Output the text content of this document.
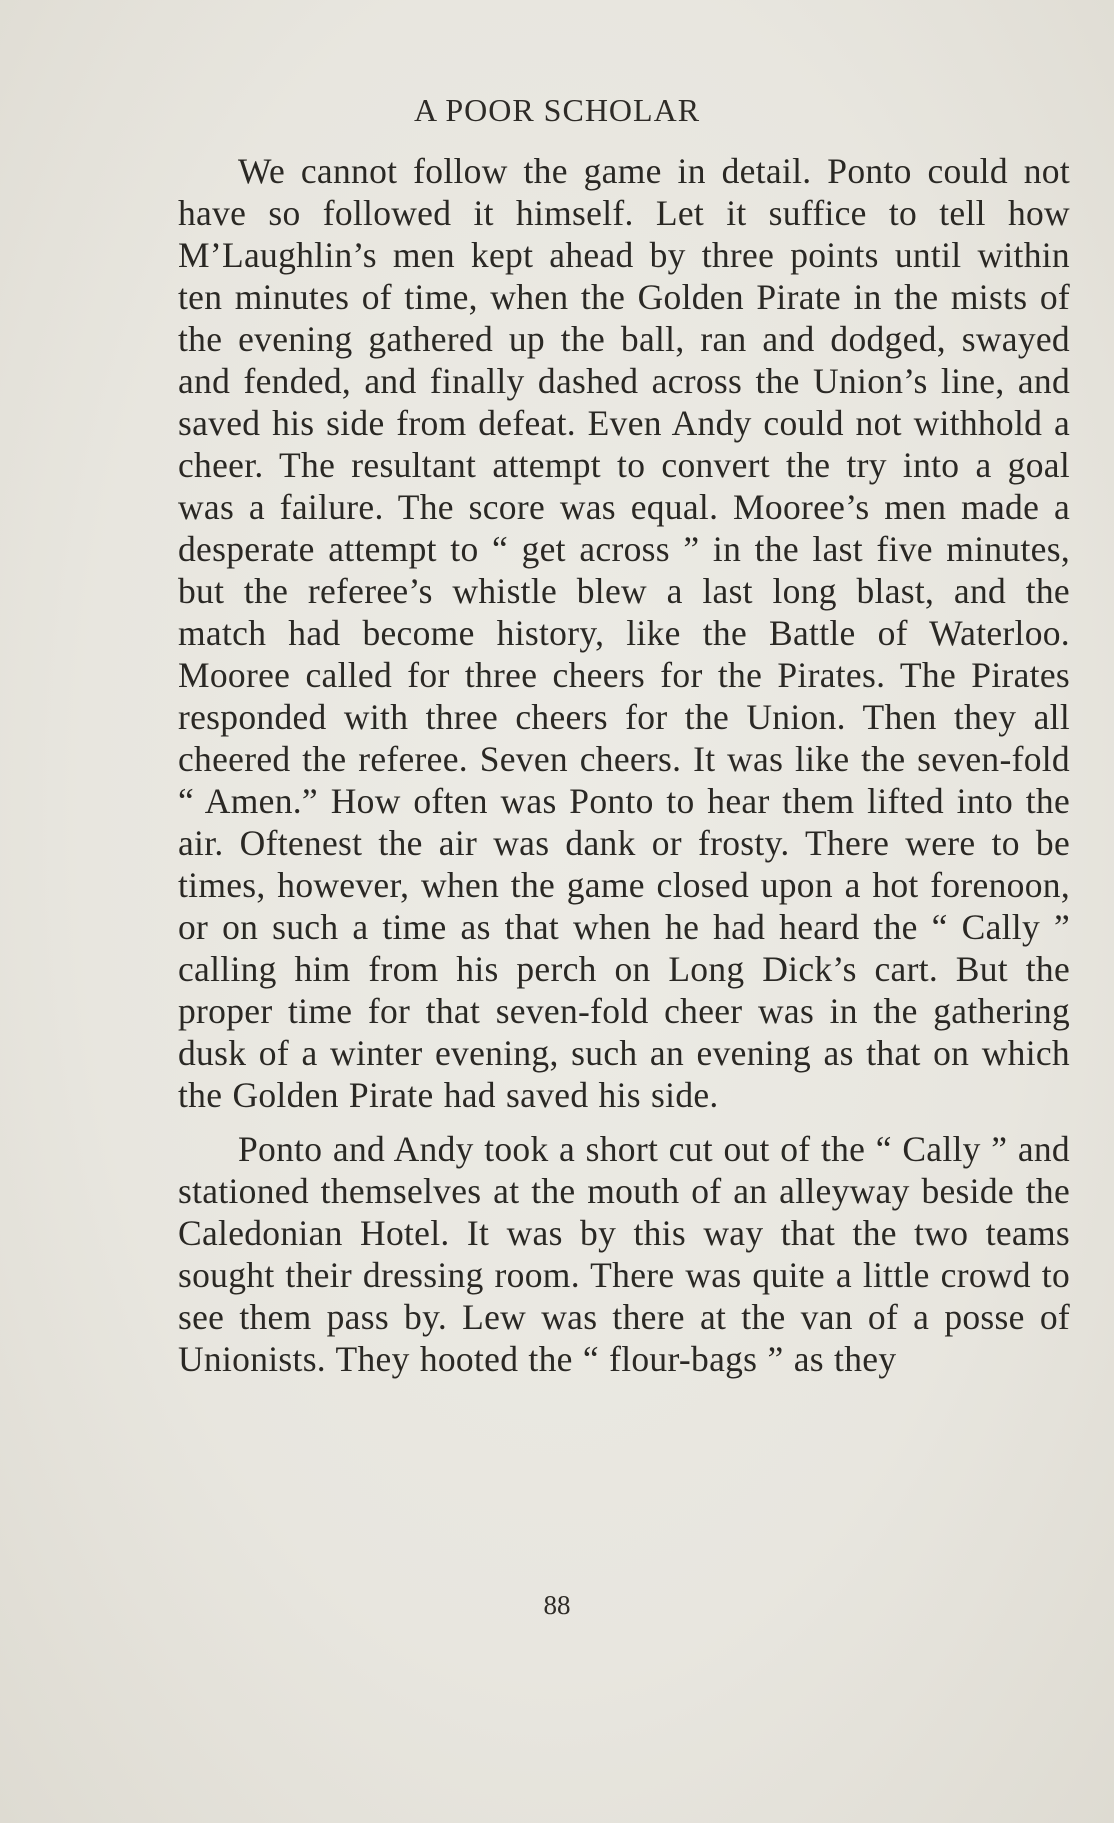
A POOR SCHOLAR

We cannot follow the game in detail. Ponto could not have so followed it himself. Let it suffice to tell how M’Laughlin’s men kept ahead by three points until within ten minutes of time, when the Golden Pirate in the mists of the evening gathered up the ball, ran and dodged, swayed and fended, and finally dashed across the Union’s line, and saved his side from defeat. Even Andy could not withhold a cheer. The resultant attempt to convert the try into a goal was a failure. The score was equal. Mooree’s men made a desperate attempt to “ get across ” in the last five minutes, but the referee’s whistle blew a last long blast, and the match had become history, like the Battle of Waterloo. Mooree called for three cheers for the Pirates. The Pirates responded with three cheers for the Union. Then they all cheered the referee. Seven cheers. It was like the seven-fold “ Amen.” How often was Ponto to hear them lifted into the air. Oftenest the air was dank or frosty. There were to be times, however, when the game closed upon a hot forenoon, or on such a time as that when he had heard the “ Cally ” calling him from his perch on Long Dick’s cart. But the proper time for that seven-fold cheer was in the gathering dusk of a winter evening, such an evening as that on which the Golden Pirate had saved his side.

Ponto and Andy took a short cut out of the “ Cally ” and stationed themselves at the mouth of an alleyway beside the Caledonian Hotel. It was by this way that the two teams sought their dressing room. There was quite a little crowd to see them pass by. Lew was there at the van of a posse of Unionists. They hooted the “ flour-bags ” as they

88
